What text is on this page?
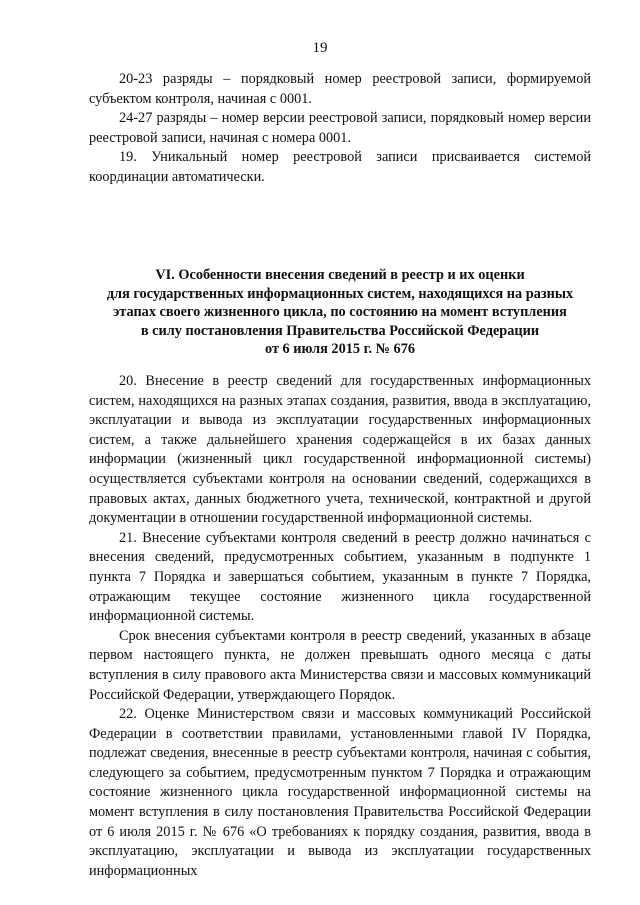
19

20-23 разряды – порядковый номер реестровой записи, формируемой субъектом контроля, начиная с 0001.

24-27 разряды – номер версии реестровой записи, порядковый номер версии реестровой записи, начиная с номера 0001.

19. Уникальный номер реестровой записи присваивается системой координации автоматически.

VI. Особенности внесения сведений в реестр и их оценки
для государственных информационных систем, находящихся на разных
этапах своего жизненного цикла, по состоянию на момент вступления
в силу постановления Правительства Российской Федерации
от 6 июля 2015 г. № 676

20. Внесение в реестр сведений для государственных информационных систем, находящихся на разных этапах создания, развития, ввода в эксплуатацию, эксплуатации и вывода из эксплуатации государственных информационных систем, а также дальнейшего хранения содержащейся в их базах данных информации (жизненный цикл государственной информационной системы) осуществляется субъектами контроля на основании сведений, содержащихся в правовых актах, данных бюджетного учета, технической, контрактной и другой документации в отношении государственной информационной системы.

21. Внесение субъектами контроля сведений в реестр должно начинаться с внесения сведений, предусмотренных событием, указанным в подпункте 1 пункта 7 Порядка и завершаться событием, указанным в пункте 7 Порядка, отражающим текущее состояние жизненного цикла государственной информационной системы.

Срок внесения субъектами контроля в реестр сведений, указанных в абзаце первом настоящего пункта, не должен превышать одного месяца с даты вступления в силу правового акта Министерства связи и массовых коммуникаций Российской Федерации, утверждающего Порядок.

22. Оценке Министерством связи и массовых коммуникаций Российской Федерации в соответствии правилами, установленными главой IV Порядка, подлежат сведения, внесенные в реестр субъектами контроля, начиная с события, следующего за событием, предусмотренным пунктом 7 Порядка и отражающим состояние жизненного цикла государственной информационной системы на момент вступления в силу постановления Правительства Российской Федерации от 6 июля 2015 г. № 676 «О требованиях к порядку создания, развития, ввода в эксплуатацию, эксплуатации и вывода из эксплуатации государственных информационных
